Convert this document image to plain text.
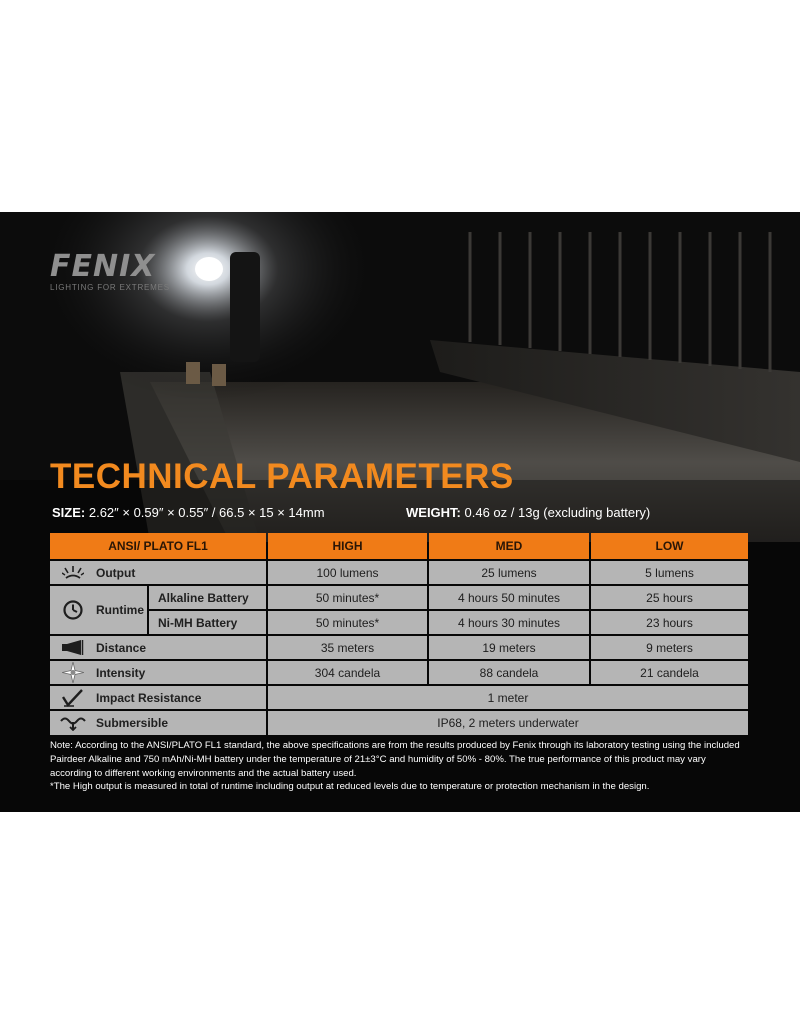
FENIX
LIGHTING FOR EXTREMES
TECHNICAL PARAMETERS
SIZE: 2.62″ × 0.59″ × 0.55″ / 66.5 × 15 × 14mm	WEIGHT: 0.46 oz / 13g (excluding battery)
ANSI/ PLATO FL1	HIGH	MED	LOW
Output	100 lumens	25 lumens	5 lumens
Runtime
Alkaline Battery	50 minutes*	4 hours 50 minutes	25 hours
Ni-MH Battery	50 minutes*	4 hours 30 minutes	23 hours
Distance	35 meters	19 meters	9 meters
Intensity	304 candela	88 candela	21 candela
Impact Resistance	1 meter
Submersible	IP68, 2 meters underwater

Note: According to the ANSI/PLATO FL1 standard, the above specifications are from the results produced by Fenix through its laboratory testing using the included Pairdeer Alkaline and 750 mAh/Ni-MH battery under the temperature of 21±3°C and humidity of 50% - 80%. The true performance of this product may vary according to different working environments and the actual battery used.

*The High output is measured in total of runtime including output at reduced levels due to temperature or protection mechanism in the design.
